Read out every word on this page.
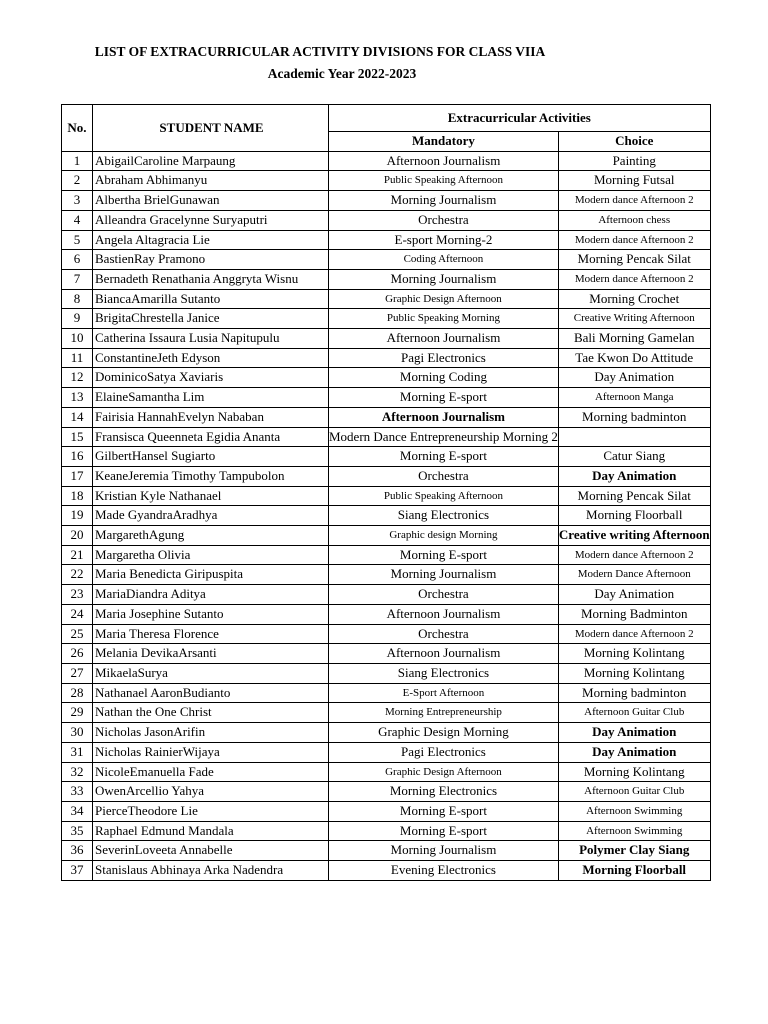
LIST OF EXTRACURRICULAR ACTIVITY DIVISIONS FOR CLASS VIIA
Academic Year 2022-2023
No.	STUDENT NAME	Extracurricular Activities	
		Mandatory	Choice
1	AbigailCaroline Marpaung	Afternoon Journalism	Painting
2	Abraham Abhimanyu	Public Speaking Afternoon	Morning Futsal
3	Albertha BrielGunawan	Morning Journalism	Modern dance Afternoon 2
4	Alleandra Gracelynne Suryaputri	Orchestra	Afternoon chess
5	Angela Altagracia Lie	E-sport Morning-2	Modern dance Afternoon 2
6	BastienRay Pramono	Coding Afternoon	Morning Pencak Silat
7	Bernadeth Renathania Anggryta Wisnu	Morning Journalism	Modern dance Afternoon 2
8	BiancaAmarilla Sutanto	Graphic Design Afternoon	Morning Crochet
9	BrigitaChrestella Janice	Public Speaking Morning	Creative Writing Afternoon
10	Catherina Issaura Lusia Napitupulu	Afternoon Journalism	Bali Morning Gamelan
11	ConstantineJeth Edyson	Pagi Electronics	Tae Kwon Do Attitude
12	DominicoSatya Xaviaris	Morning Coding	Day Animation
13	ElaineSamantha Lim	Morning E-sport	Afternoon Manga
14	Fairisia HannahEvelyn Nababan	Afternoon Journalism	Morning badminton
15	Fransisca Queenneta Egidia Ananta	Modern Dance Entrepreneurship Morning 2	
16	GilbertHansel Sugiarto	Morning E-sport	Catur Siang
17	KeaneJeremia Timothy Tampubolon	Orchestra	Day Animation
18	Kristian Kyle Nathanael	Public Speaking Afternoon	Morning Pencak Silat
19	Made GyandraAradhya	Siang Electronics	Morning Floorball
20	MargarethAgung	Graphic design Morning	Creative writing Afternoon
21	Margaretha Olivia	Morning E-sport	Modern dance Afternoon 2
22	Maria Benedicta Giripuspita	Morning Journalism	Modern Dance Afternoon
23	MariaDiandra Aditya	Orchestra	Day Animation
24	Maria Josephine Sutanto	Afternoon Journalism	Morning Badminton
25	Maria Theresa Florence	Orchestra	Modern dance Afternoon 2
26	Melania DevikaArsanti	Afternoon Journalism	Morning Kolintang
27	MikaelaSurya	Siang Electronics	Morning Kolintang
28	Nathanael AaronBudianto	E-Sport Afternoon	Morning badminton
29	Nathan the One Christ	Morning Entrepreneurship	Afternoon Guitar Club
30	Nicholas JasonArifin	Graphic Design Morning	Day Animation
31	Nicholas RainierWijaya	Pagi Electronics	Day Animation
32	NicoleEmanuella Fade	Graphic Design Afternoon	Morning Kolintang
33	OwenArcellio Yahya	Morning Electronics	Afternoon Guitar Club
34	PierceTheodore Lie	Morning E-sport	Afternoon Swimming
35	Raphael Edmund Mandala	Morning E-sport	Afternoon Swimming
36	SeverinLoveeta Annabelle	Morning Journalism	Polymer Clay Siang
37	Stanislaus Abhinaya Arka Nadendra	Evening Electronics	Morning Floorball
